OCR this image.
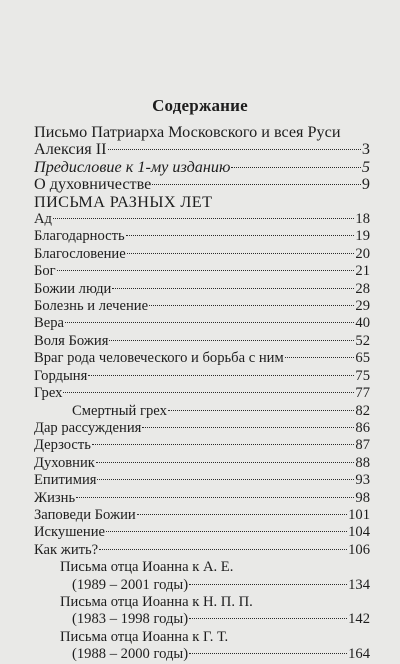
Содержание
Письмо Патриарха Московского и всея Руси
Алексия II	3
Предисловие к 1-му изданию	5
О духовничестве	9
ПИСЬМА РАЗНЫХ ЛЕТ
Ад	18
Благодарность	19
Благословение	20
Бог	21
Божии люди	28
Болезнь и лечение	29
Вера	40
Воля Божия	52
Враг рода человеческого и борьба с ним	65
Гордыня	75
Грех	77
Смертный грех	82
Дар рассуждения	86
Дерзость	87
Духовник	88
Епитимия	93
Жизнь	98
Заповеди Божии	101
Искушение	104
Как жить?	106
Письма отца Иоанна к А. Е.
(1989 – 2001 годы)	134
Письма отца Иоанна к Н. П. П.
(1983 – 1998 годы)	142
Письма отца Иоанна к Г. Т.
(1988 – 2000 годы)	164
